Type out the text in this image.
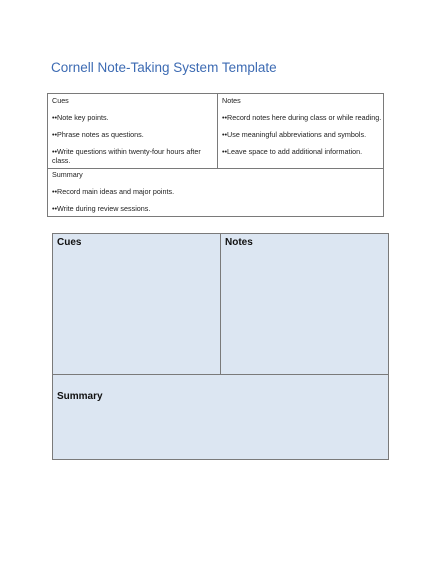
Cornell Note-Taking System Template
Cues
••Note key points.
••Phrase notes as questions.
••Write questions within twenty-four hours after class.
Notes
••Record notes here during class or while reading.
••Use meaningful abbreviations and symbols.
••Leave space to add additional information.
Summary
••Record main ideas and major points.
••Write during review sessions.
Cues	Notes
Summary
